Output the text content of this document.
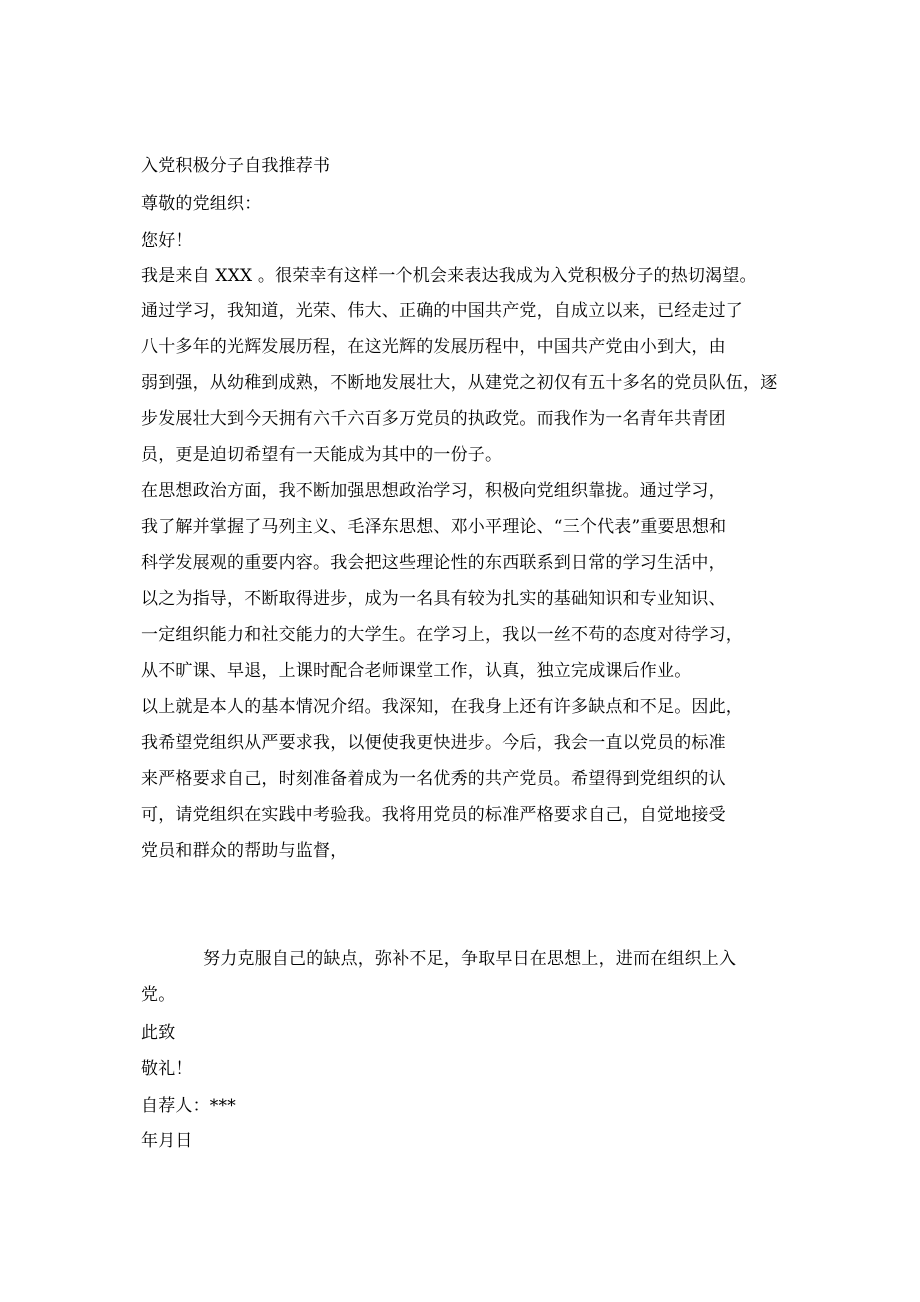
入党积极分子自我推荐书
尊敬的党组织：
您好！
我是来自 XXX 。很荣幸有这样一个机会来表达我成为入党积极分子的热切渴望。
通过学习，我知道，光荣、伟大、正确的中国共产党，自成立以来，已经走过了
八十多年的光辉发展历程，在这光辉的发展历程中，中国共产党由小到大，由
弱到强，从幼稚到成熟，不断地发展壮大，从建党之初仅有五十多名的党员队伍，逐
步发展壮大到今天拥有六千六百多万党员的执政党。而我作为一名青年共青团
员，更是迫切希望有一天能成为其中的一份子。
在思想政治方面，我不断加强思想政治学习，积极向党组织靠拢。通过学习，
我了解并掌握了马列主义、毛泽东思想、邓小平理论、“三个代表”重要思想和
科学发展观的重要内容。我会把这些理论性的东西联系到日常的学习生活中，
以之为指导，不断取得进步，成为一名具有较为扎实的基础知识和专业知识、
一定组织能力和社交能力的大学生。在学习上，我以一丝不苟的态度对待学习，
从不旷课、早退，上课时配合老师课堂工作，认真，独立完成课后作业。
以上就是本人的基本情况介绍。我深知，在我身上还有许多缺点和不足。因此，
我希望党组织从严要求我，以便使我更快进步。今后，我会一直以党员的标准
来严格要求自己，时刻准备着成为一名优秀的共产党员。希望得到党组织的认
可，请党组织在实践中考验我。我将用党员的标准严格要求自己，自觉地接受
党员和群众的帮助与监督，
努力克服自己的缺点，弥补不足，争取早日在思想上，进而在组织上入
党。
此致
敬礼！
自荐人：***
年月日
